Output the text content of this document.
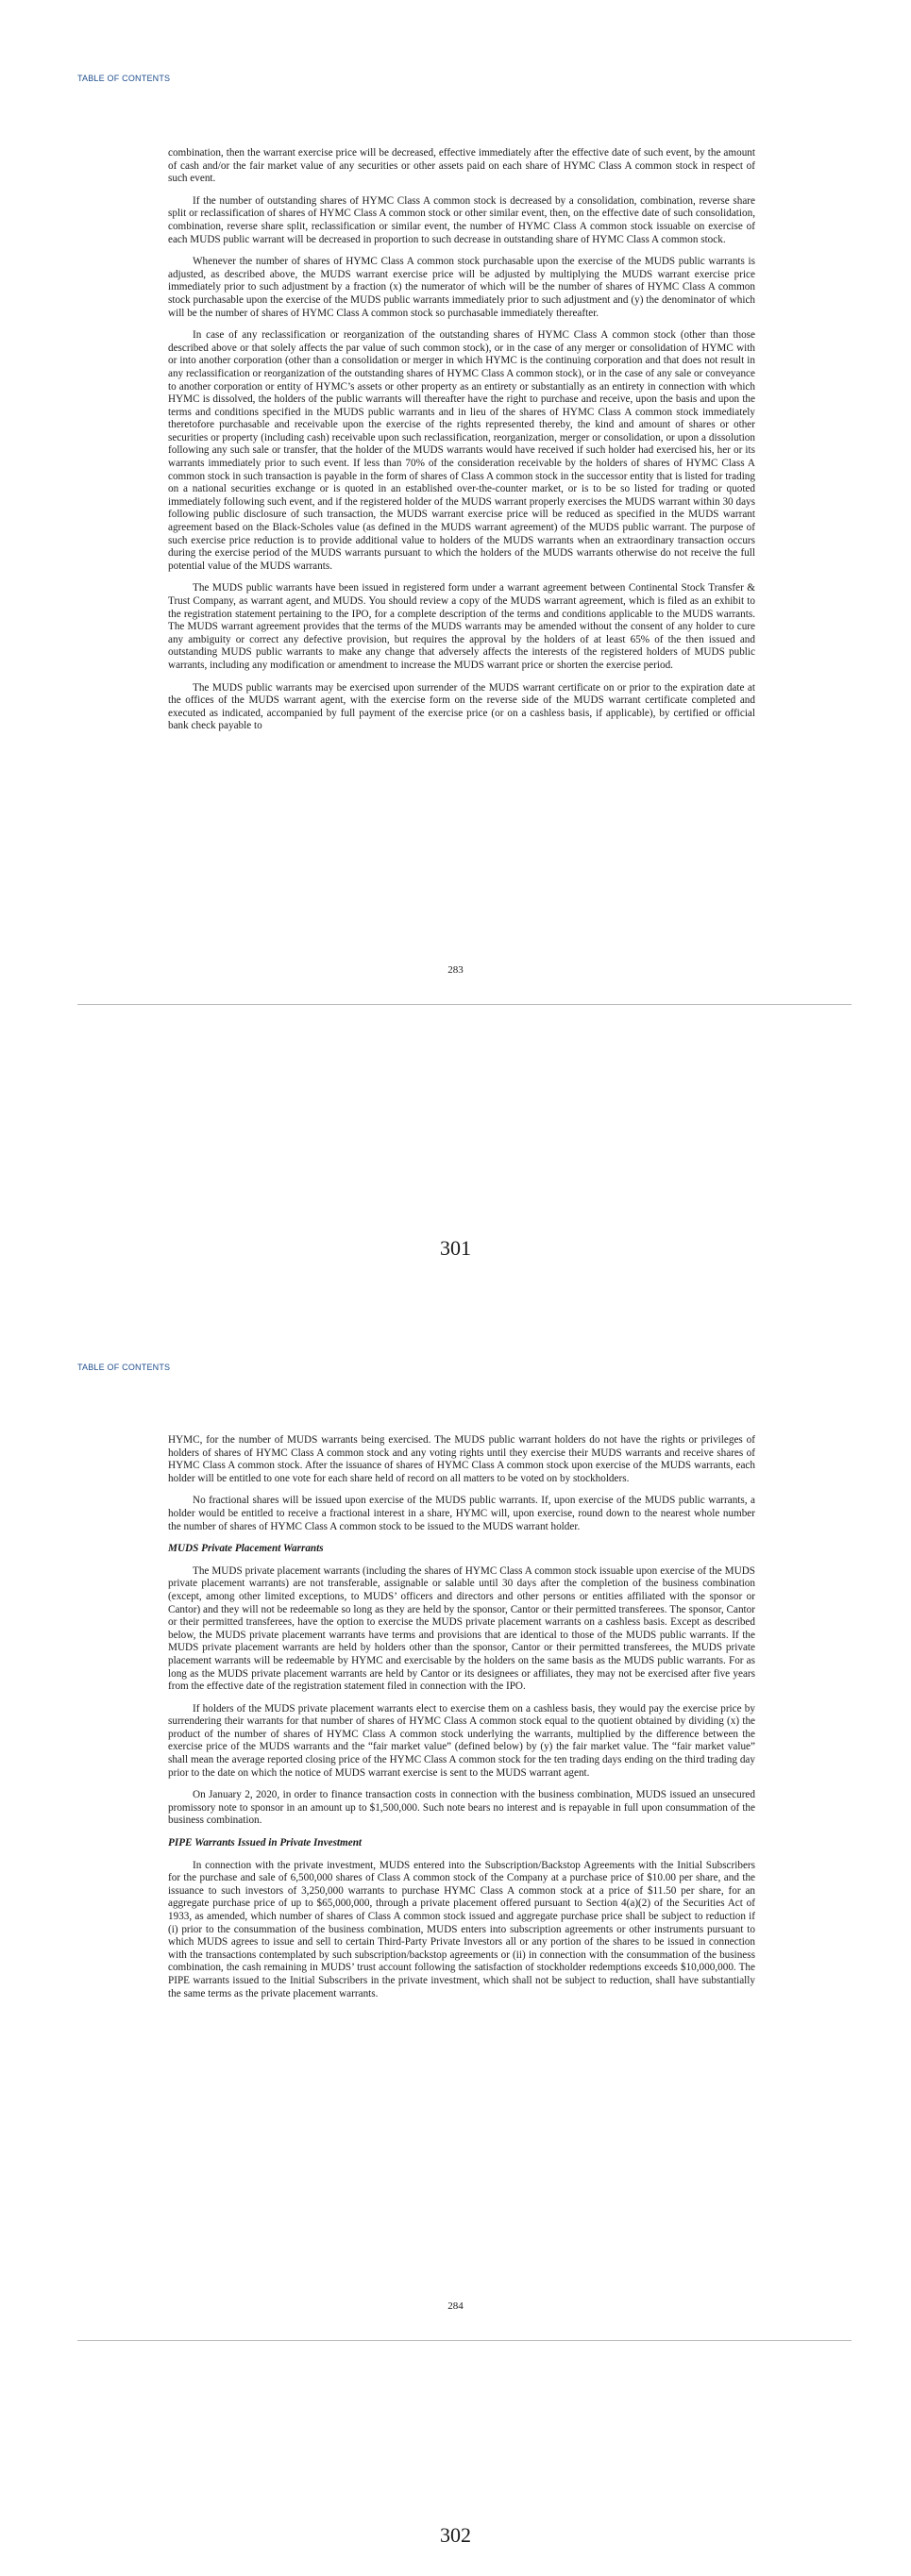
TABLE OF CONTENTS

combination, then the warrant exercise price will be decreased, effective immediately after the effective date of such event, by the amount of cash and/or the fair market value of any securities or other assets paid on each share of HYMC Class A common stock in respect of such event.

If the number of outstanding shares of HYMC Class A common stock is decreased by a consolidation, combination, reverse share split or reclassification of shares of HYMC Class A common stock or other similar event, then, on the effective date of such consolidation, combination, reverse share split, reclassification or similar event, the number of HYMC Class A common stock issuable on exercise of each MUDS public warrant will be decreased in proportion to such decrease in outstanding share of HYMC Class A common stock.

Whenever the number of shares of HYMC Class A common stock purchasable upon the exercise of the MUDS public warrants is adjusted, as described above, the MUDS warrant exercise price will be adjusted by multiplying the MUDS warrant exercise price immediately prior to such adjustment by a fraction (x) the numerator of which will be the number of shares of HYMC Class A common stock purchasable upon the exercise of the MUDS public warrants immediately prior to such adjustment and (y) the denominator of which will be the number of shares of HYMC Class A common stock so purchasable immediately thereafter.

In case of any reclassification or reorganization of the outstanding shares of HYMC Class A common stock (other than those described above or that solely affects the par value of such common stock), or in the case of any merger or consolidation of HYMC with or into another corporation (other than a consolidation or merger in which HYMC is the continuing corporation and that does not result in any reclassification or reorganization of the outstanding shares of HYMC Class A common stock), or in the case of any sale or conveyance to another corporation or entity of HYMC’s assets or other property as an entirety or substantially as an entirety in connection with which HYMC is dissolved, the holders of the public warrants will thereafter have the right to purchase and receive, upon the basis and upon the terms and conditions specified in the MUDS public warrants and in lieu of the shares of HYMC Class A common stock immediately theretofore purchasable and receivable upon the exercise of the rights represented thereby, the kind and amount of shares or other securities or property (including cash) receivable upon such reclassification, reorganization, merger or consolidation, or upon a dissolution following any such sale or transfer, that the holder of the MUDS warrants would have received if such holder had exercised his, her or its warrants immediately prior to such event. If less than 70% of the consideration receivable by the holders of shares of HYMC Class A common stock in such transaction is payable in the form of shares of Class A common stock in the successor entity that is listed for trading on a national securities exchange or is quoted in an established over-the-counter market, or is to be so listed for trading or quoted immediately following such event, and if the registered holder of the MUDS warrant properly exercises the MUDS warrant within 30 days following public disclosure of such transaction, the MUDS warrant exercise price will be reduced as specified in the MUDS warrant agreement based on the Black-Scholes value (as defined in the MUDS warrant agreement) of the MUDS public warrant. The purpose of such exercise price reduction is to provide additional value to holders of the MUDS warrants when an extraordinary transaction occurs during the exercise period of the MUDS warrants pursuant to which the holders of the MUDS warrants otherwise do not receive the full potential value of the MUDS warrants.

The MUDS public warrants have been issued in registered form under a warrant agreement between Continental Stock Transfer & Trust Company, as warrant agent, and MUDS. You should review a copy of the MUDS warrant agreement, which is filed as an exhibit to the registration statement pertaining to the IPO, for a complete description of the terms and conditions applicable to the MUDS warrants. The MUDS warrant agreement provides that the terms of the MUDS warrants may be amended without the consent of any holder to cure any ambiguity or correct any defective provision, but requires the approval by the holders of at least 65% of the then issued and outstanding MUDS public warrants to make any change that adversely affects the interests of the registered holders of MUDS public warrants, including any modification or amendment to increase the MUDS warrant price or shorten the exercise period.

The MUDS public warrants may be exercised upon surrender of the MUDS warrant certificate on or prior to the expiration date at the offices of the MUDS warrant agent, with the exercise form on the reverse side of the MUDS warrant certificate completed and executed as indicated, accompanied by full payment of the exercise price (or on a cashless basis, if applicable), by certified or official bank check payable to

283
301
TABLE OF CONTENTS

HYMC, for the number of MUDS warrants being exercised. The MUDS public warrant holders do not have the rights or privileges of holders of shares of HYMC Class A common stock and any voting rights until they exercise their MUDS warrants and receive shares of HYMC Class A common stock. After the issuance of shares of HYMC Class A common stock upon exercise of the MUDS warrants, each holder will be entitled to one vote for each share held of record on all matters to be voted on by stockholders.

No fractional shares will be issued upon exercise of the MUDS public warrants. If, upon exercise of the MUDS public warrants, a holder would be entitled to receive a fractional interest in a share, HYMC will, upon exercise, round down to the nearest whole number the number of shares of HYMC Class A common stock to be issued to the MUDS warrant holder.

MUDS Private Placement Warrants

The MUDS private placement warrants (including the shares of HYMC Class A common stock issuable upon exercise of the MUDS private placement warrants) are not transferable, assignable or salable until 30 days after the completion of the business combination (except, among other limited exceptions, to MUDS’ officers and directors and other persons or entities affiliated with the sponsor or Cantor) and they will not be redeemable so long as they are held by the sponsor, Cantor or their permitted transferees. The sponsor, Cantor or their permitted transferees, have the option to exercise the MUDS private placement warrants on a cashless basis. Except as described below, the MUDS private placement warrants have terms and provisions that are identical to those of the MUDS public warrants. If the MUDS private placement warrants are held by holders other than the sponsor, Cantor or their permitted transferees, the MUDS private placement warrants will be redeemable by HYMC and exercisable by the holders on the same basis as the MUDS public warrants. For as long as the MUDS private placement warrants are held by Cantor or its designees or affiliates, they may not be exercised after five years from the effective date of the registration statement filed in connection with the IPO.

If holders of the MUDS private placement warrants elect to exercise them on a cashless basis, they would pay the exercise price by surrendering their warrants for that number of shares of HYMC Class A common stock equal to the quotient obtained by dividing (x) the product of the number of shares of HYMC Class A common stock underlying the warrants, multiplied by the difference between the exercise price of the MUDS warrants and the “fair market value” (defined below) by (y) the fair market value. The “fair market value” shall mean the average reported closing price of the HYMC Class A common stock for the ten trading days ending on the third trading day prior to the date on which the notice of MUDS warrant exercise is sent to the MUDS warrant agent.

On January 2, 2020, in order to finance transaction costs in connection with the business combination, MUDS issued an unsecured promissory note to sponsor in an amount up to $1,500,000. Such note bears no interest and is repayable in full upon consummation of the business combination.

PIPE Warrants Issued in Private Investment

In connection with the private investment, MUDS entered into the Subscription/Backstop Agreements with the Initial Subscribers for the purchase and sale of 6,500,000 shares of Class A common stock of the Company at a purchase price of $10.00 per share, and the issuance to such investors of 3,250,000 warrants to purchase HYMC Class A common stock at a price of $11.50 per share, for an aggregate purchase price of up to $65,000,000, through a private placement offered pursuant to Section 4(a)(2) of the Securities Act of 1933, as amended, which number of shares of Class A common stock issued and aggregate purchase price shall be subject to reduction if (i) prior to the consummation of the business combination, MUDS enters into subscription agreements or other instruments pursuant to which MUDS agrees to issue and sell to certain Third-Party Private Investors all or any portion of the shares to be issued in connection with the transactions contemplated by such subscription/backstop agreements or (ii) in connection with the consummation of the business combination, the cash remaining in MUDS’ trust account following the satisfaction of stockholder redemptions exceeds $10,000,000. The PIPE warrants issued to the Initial Subscribers in the private investment, which shall not be subject to reduction, shall have substantially the same terms as the private placement warrants.

284
302
